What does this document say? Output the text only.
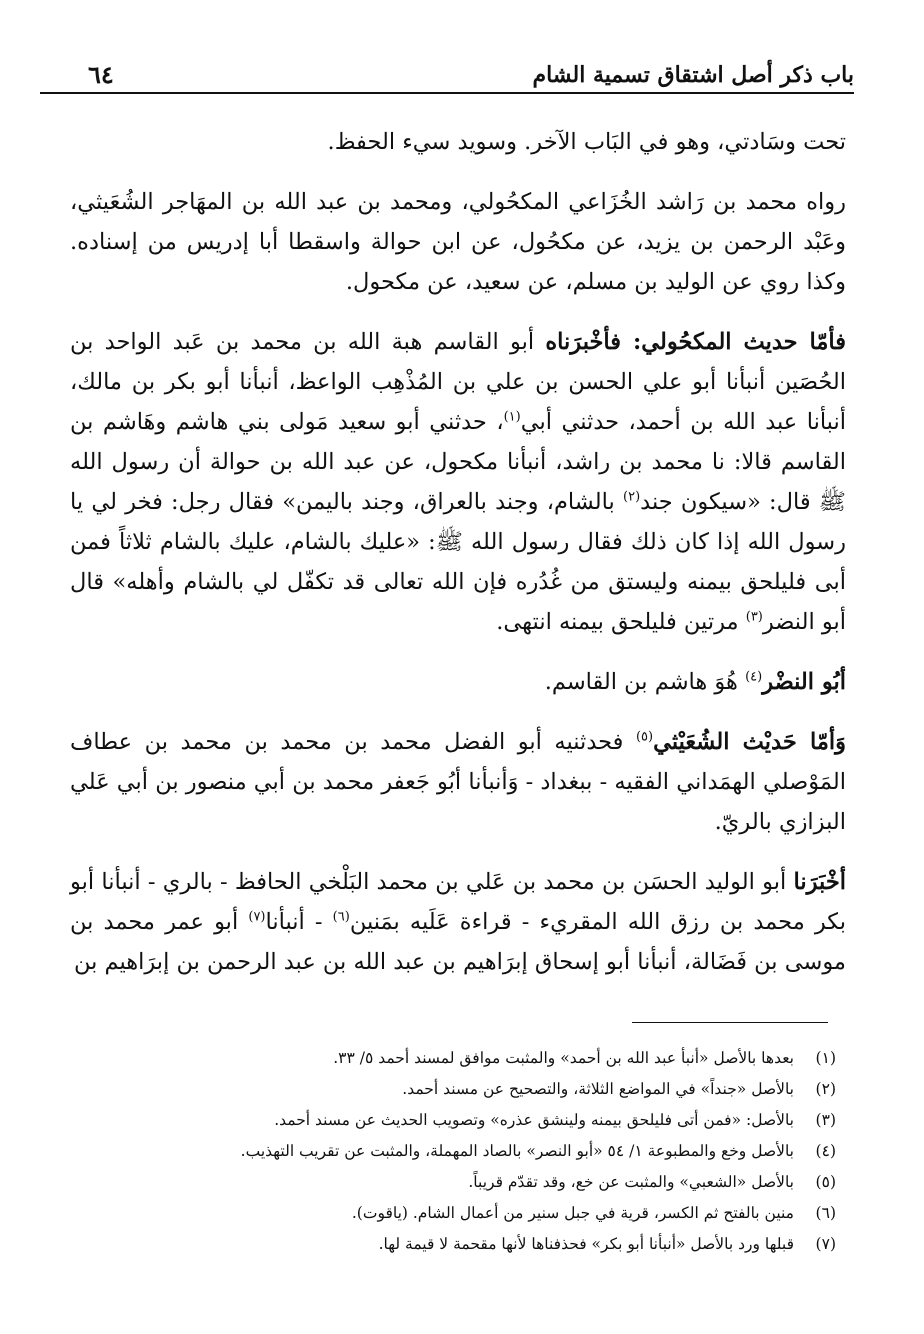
باب ذكر أصل اشتقاق تسمية الشام
٦٤

تحت وسَادتي، وهو في البَاب الآخر. وسويد سيء الحفظ.

رواه محمد بن رَاشد الخُزَاعي المكحُولي، ومحمد بن عبد الله بن المهَاجر الشُعَيثي، وعَبْد الرحمن بن يزيد، عن مكحُول، عن ابن حوالة واسقطا أبا إدريس من إسناده. وكذا روي عن الوليد بن مسلم، عن سعيد، عن مكحول.

فأمّا حديث المكحُولي: فأخْبرَناه أبو القاسم هبة الله بن محمد بن عَبد الواحد بن الحُصَين أنبأنا أبو علي الحسن بن علي بن المُذْهِب الواعظ، أنبأنا أبو بكر بن مالك، أنبأنا عبد الله بن أحمد، حدثني أبي$^{(١)}$، حدثني أبو سعيد مَولى بني هاشم وهَاشم بن القاسم قالا: نا محمد بن راشد، أنبأنا مكحول، عن عبد الله بن حوالة أن رسول الله ﷺ قال: «سيكون جند$^{(٢)}$ بالشام، وجند بالعراق، وجند باليمن» فقال رجل: فخر لي يا رسول الله إذا كان ذلك فقال رسول الله ﷺ: «عليك بالشام، عليك بالشام ثلاثاً فمن أبى فليلحق بيمنه وليستق من غُدُره فإن الله تعالى قد تكفّل لي بالشام وأهله» قال أبو النضر$^{(٣)}$ مرتين فليلحق بيمنه انتهى.

أبُو النضْر$^{(٤)}$ هُوَ هاشم بن القاسم.

وَأمّا حَديْث الشُعَيْثي$^{(٥)}$ فحدثنيه أبو الفضل محمد بن محمد بن محمد بن عطاف المَوْصلي الهمَداني الفقيه - ببغداد - وَأنبأنا أبُو جَعفر محمد بن أبي منصور بن أبي عَلي البزازي بالريّ.

أخْبَرَنا أبو الوليد الحسَن بن محمد بن عَلي بن محمد البَلْخي الحافظ - بالري - أنبأنا أبو بكر محمد بن رزق الله المقريء - قراءة عَلَيه بمَنين$^{(٦)}$ - أنبأنا$^{(٧)}$ أبو عمر محمد بن موسى بن فَضَالة، أنبأنا أبو إسحاق إبرَاهيم بن عبد الله بن عبد الرحمن بن إبرَاهيم بن

(١)بعدها بالأصل «أنبأ عبد الله بن أحمد» والمثبت موافق لمسند أحمد ٥/ ٣٣.
(٢)بالأصل «جنداً» في المواضع الثلاثة، والتصحيح عن مسند أحمد.
(٣)بالأصل: «فمن أتى فليلحق بيمنه ولينشق عذره» وتصويب الحديث عن مسند أحمد.
(٤)بالأصل وخع والمطبوعة ١/ ٥٤ «أبو النصر» بالصاد المهملة، والمثبت عن تقريب التهذيب.
(٥)بالأصل «الشعبي» والمثبت عن خع، وقد تقدّم قريباً.
(٦)منين بالفتح ثم الكسر، قرية في جبل سنير من أعمال الشام. (ياقوت).
(٧)قبلها ورد بالأصل «أنبأنا أبو بكر» فحذفناها لأنها مقحمة لا قيمة لها.
